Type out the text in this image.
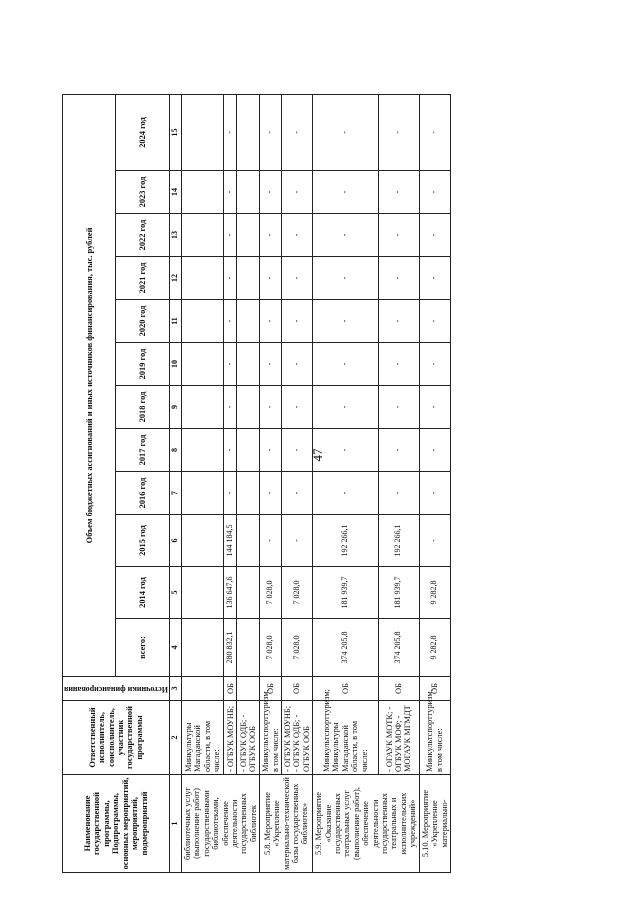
47
Наименование государственной программы, Подпрограммы, основных мероприятий, мероприятий, подмероприятий	Ответственный исполнитель, соисполнитель, участник государственной программы	Источники финансирования	Объем бюджетных ассигнований и иных источников финансирования, тыс. рублей											
			всего:	2014 год	2015 год	2016 год	2017 год	2018 год	2019 год	2020 год	2021 год	2022 год	2023 год	2024 год
1	2	3	4	5	6	7	8	9	10	11	12	13	14	15
библиотечных услуг (выполнение работ) государственными библиотеками, обеспечение деятельности государственных библиотек	Минкультуры Магаданской области, в том числе:													
	- ОГБУК МОУНБ;	ОБ	280 832,1	136 647,6	144 184,5	-	-	-	-	-	-	-	-	-
	- ОГБУК ОДБ; - ОГБУК ООБ													
5.8. Мероприятие «Укрепление материально-технической базы государственных библиотек»	Минкультспорттуризм, в том числе:	ОБ	7 028,0	7 028,0	-	-	-	-	-	-	-	-	-	-
	- ОГБУК МОУНБ; - ОГБУК ОДБ; - ОГБУК ООБ	ОБ	7 028,0	7 028,0	-	-	-	-	-	-	-	-	-	-
5.9. Мероприятие «Оказание государственных театральных услуг (выполнение работ), обеспечение деятельности государственных театральных и исполнительских учреждений»	Минкультспорттуризм; Минкультуры Магаданской области, в том числе:	ОБ	374 205,8	181 939,7	192 266,1	-	-	-	-	-	-	-	-	-
	- ОГАУК МОТК; - ОГБУК МОФ; - МОГАУК МГМДТ	ОБ	374 205,8	181 939,7	192 266,1	-	-	-	-	-	-	-	-	-
5.10. Мероприятие «Укрепление материально-	Минкультспорттуризм, в том числе:	ОБ	9 282,8	9 282,8	-	-	-	-	-	-	-	-	-	-
